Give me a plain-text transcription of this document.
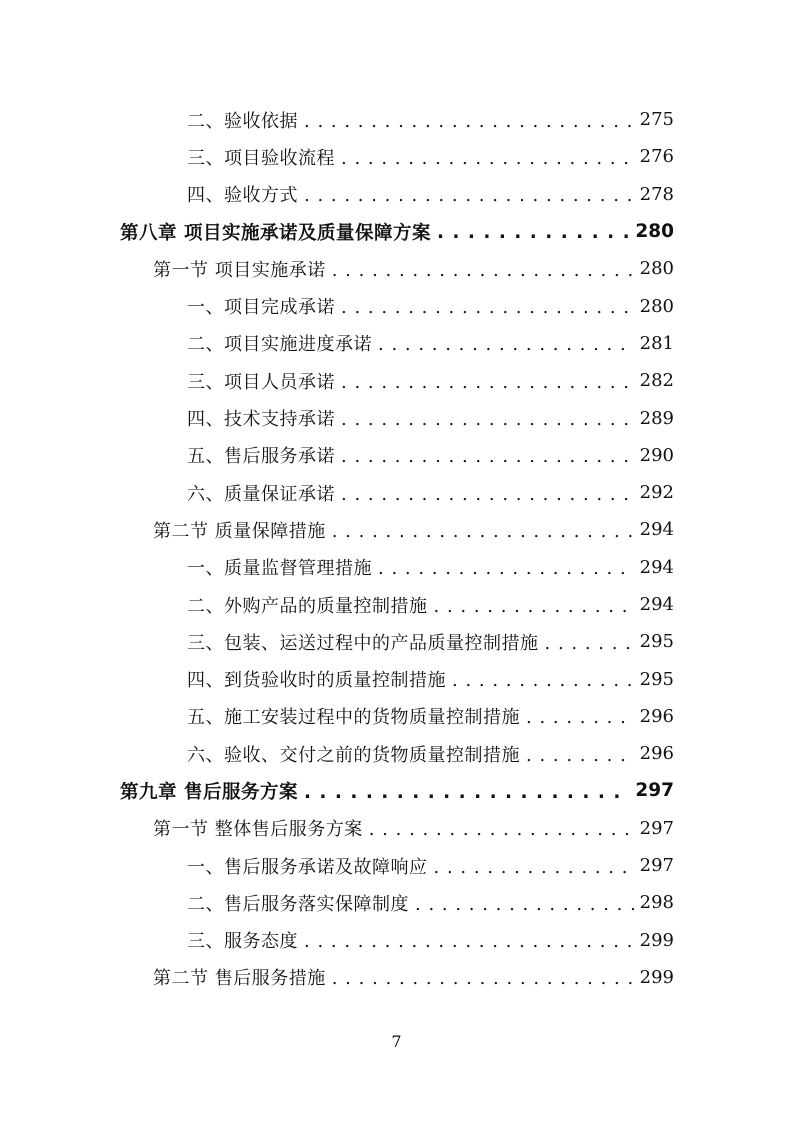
二、验收依据 . . .	275
三、项目验收流程 . . .	276
四、验收方式 . . .	278
第八章 项目实施承诺及质量保障方案 . . .	280
第一节 项目实施承诺 . . .	280
一、项目完成承诺 . . .	280
二、项目实施进度承诺 . . .	281
三、项目人员承诺 . . .	282
四、技术支持承诺 . . .	289
五、售后服务承诺 . . .	290
六、质量保证承诺 . . .	292
第二节 质量保障措施 . . .	294
一、质量监督管理措施 . . .	294
二、外购产品的质量控制措施 . . .	294
三、包装、运送过程中的产品质量控制措施 . . .	295
四、到货验收时的质量控制措施 . . .	295
五、施工安装过程中的货物质量控制措施 . . .	296
六、验收、交付之前的货物质量控制措施 . . .	296
第九章 售后服务方案 . . .	297
第一节 整体售后服务方案 . . .	297
一、售后服务承诺及故障响应 . . .	297
二、售后服务落实保障制度 . . .	298
三、服务态度 . . .	299
第二节 售后服务措施 . . .	299
7
